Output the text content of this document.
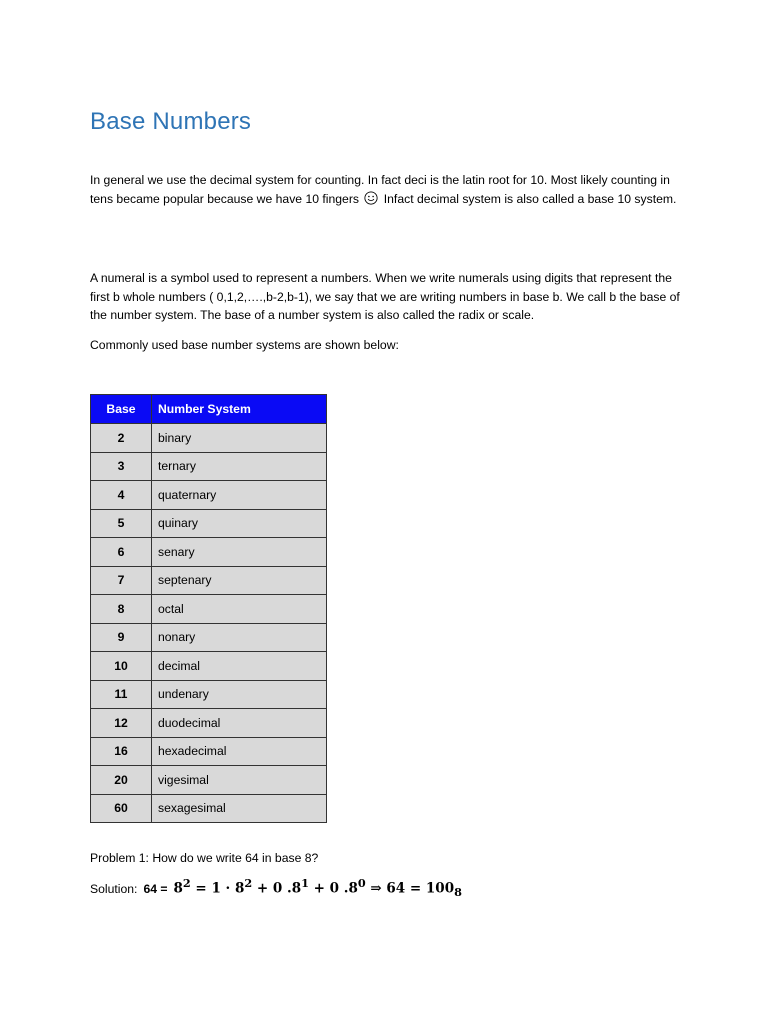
Base Numbers
In general we use the decimal system for counting. In fact deci is the latin root for 10. Most likely counting in tens became popular because we have 10 fingers Infact decimal system is also called a base 10 system.
A numeral is a symbol used to represent a numbers. When we write numerals using digits that represent the first b whole numbers ( 0,1,2,….,b-2,b-1), we say that we are writing numbers in base b. We call b the base of the number system. The base of a number system is also called the radix or scale.
Commonly used base number systems are shown below:
Base	Number System
2	binary
3	ternary
4	quaternary
5	quinary
6	senary
7	septenary
8	octal
9	nonary
10	decimal
11	undenary
12	duodecimal
16	hexadecimal
20	vigesimal
60	sexagesimal
Problem 1: How do we write 64 in base 8?
Solution: $64 = 8^2 = 1 \cdot 8^2 + 0$ $.8^1 + 0$ $.8^0$ ⇒ $64 = 100_8$
